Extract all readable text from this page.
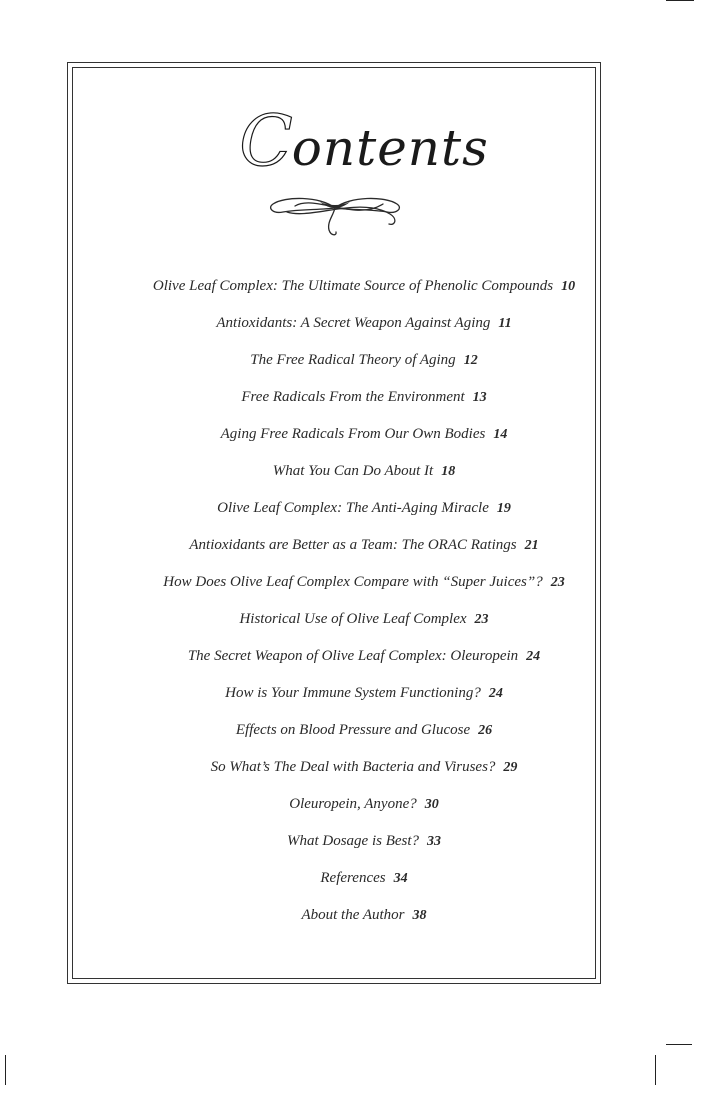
Contents
Olive Leaf Complex: The Ultimate Source of Phenolic Compounds 10
Antioxidants: A Secret Weapon Against Aging 11
The Free Radical Theory of Aging 12
Free Radicals From the Environment 13
Aging Free Radicals From Our Own Bodies 14
What You Can Do About It 18
Olive Leaf Complex: The Anti-Aging Miracle 19
Antioxidants are Better as a Team: The ORAC Ratings 21
How Does Olive Leaf Complex Compare with “Super Juices”? 23
Historical Use of Olive Leaf Complex 23
The Secret Weapon of Olive Leaf Complex: Oleuropein 24
How is Your Immune System Functioning? 24
Effects on Blood Pressure and Glucose 26
So What’s The Deal with Bacteria and Viruses? 29
Oleuropein, Anyone? 30
What Dosage is Best? 33
References 34
About the Author 38
